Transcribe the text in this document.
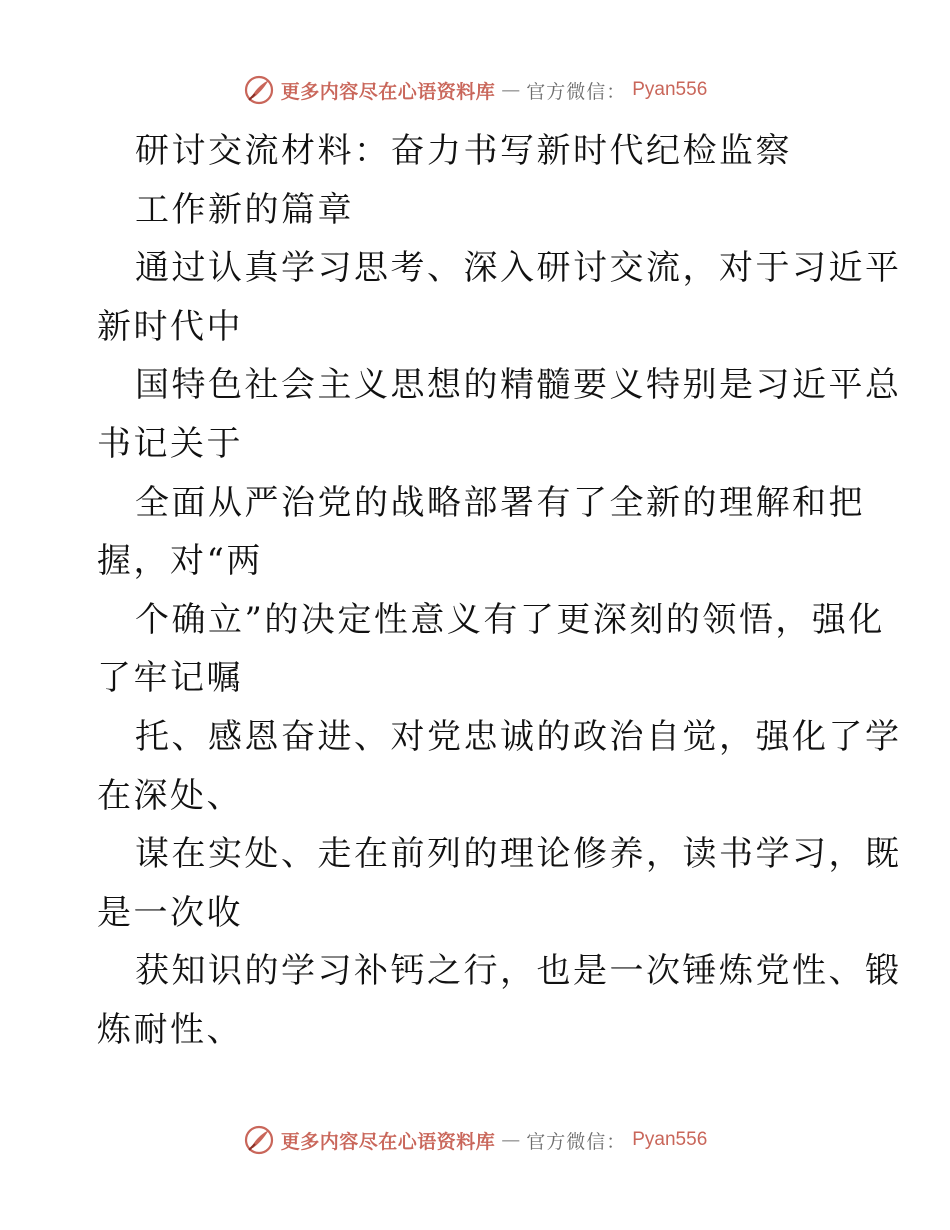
更多内容尽在心语资料库 — 官方微信： Pyan556
研讨交流材料：奋力书写新时代纪检监察
工作新的篇章
通过认真学习思考、深入研讨交流，对于习近平
新时代中
国特色社会主义思想的精髓要义特别是习近平总
书记关于
全面从严治党的战略部署有了全新的理解和把
握，对“两
个确立”的决定性意义有了更深刻的领悟，强化
了牢记嘱
托、感恩奋进、对党忠诚的政治自觉，强化了学
在深处、
谋在实处、走在前列的理论修养，读书学习，既
是一次收
获知识的学习补钙之行，也是一次锤炼党性、锻
炼耐性、
更多内容尽在心语资料库 — 官方微信： Pyan556
